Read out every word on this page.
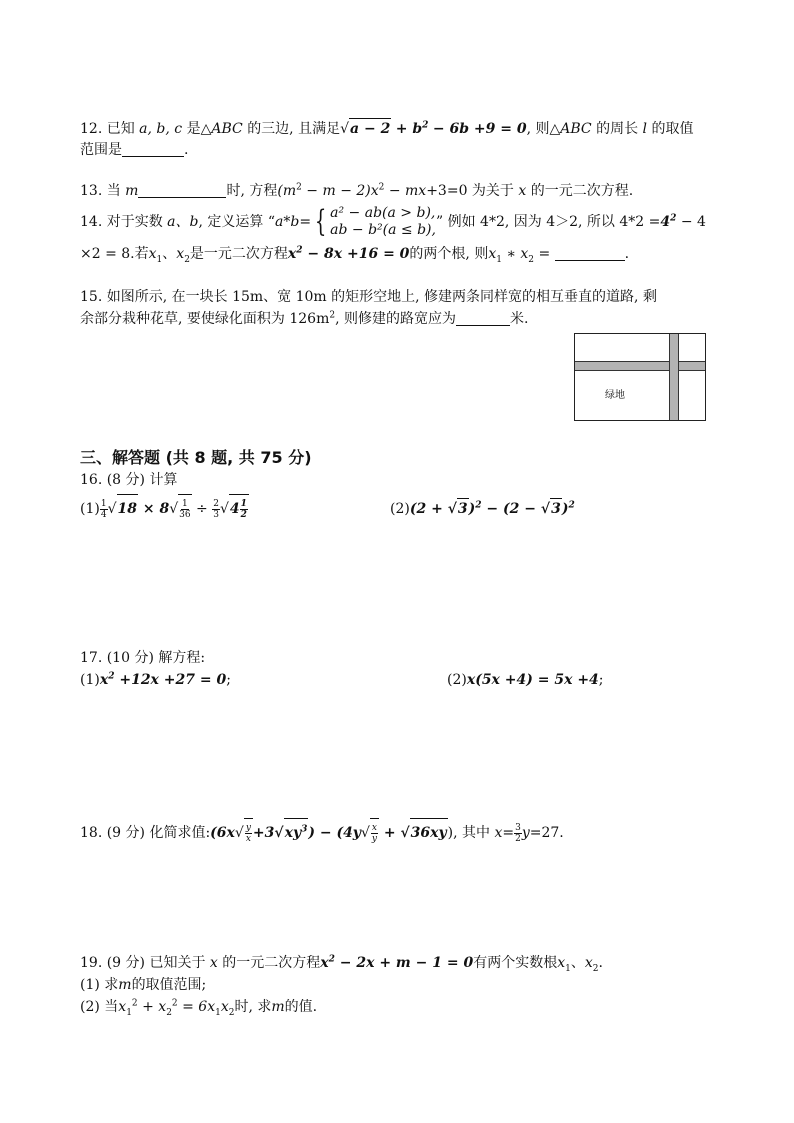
12. 已知 a, b, c 是△ABC 的三边, 且满足$√a - 2 + b^2 - 6b +9 = 0$, 则△ABC 的周长 l 的取值
范围是	.
13. 当 m	时, 方程$(m^2 - m - 2)x^2 - mx+3=0$ 为关于 x 的一元二次方程.
14. 对于实数 a、b, 定义运算 “a*b= { a² − ab(a > b),
ab − b²(a ≤ b), ” 例如 4*2, 因为 4＞2, 所以 $4*2 =4^2 - 4$
×2 = 8.若$x_1$、$x_2$是一元二次方程$x^2 - 8x +16 = 0$的两个根, 则$x_1$ ∗ $x_2$ =	.
15. 如图所示, 在一块长 15m、宽 10m 的矩形空地上, 修建两条同样宽的相互垂直的道路, 剩
余部分栽种花草, 要使绿化面积为 $126m^2$, 则修建的路宽应为	米.
绿地
三、解答题 (共 8 题, 共 75 分)
16. (8 分) 计算
$(1) \frac{1}{4} √18 \times 8√ \frac{1}{36} \div \frac{2}{3} √4 \frac{1}{2}$	$(2)(2 + √3)^2 - (2 - √3)^2$
17. (10 分) 解方程:
$(1)x^2 +12x +27 = 0$;	(2)x(5x +4) = 5x +4;
18. (9 分) 化简求值:(6x√ $\frac{y}{x} +3√xy^3) - (4y√ \frac{x}{y} + √36xy)$, 其中 $x= \frac{3}{2} y=27$.
19. (9 分) 已知关于 x 的一元二次方程$x^2 - 2x + m - 1 = 0$有两个实数根$x_1$、$x_2$.
(1) 求m的取值范围;
(2) 当$x_1^2 + x_2^2 = 6x_1x_2$时, 求m的值.
